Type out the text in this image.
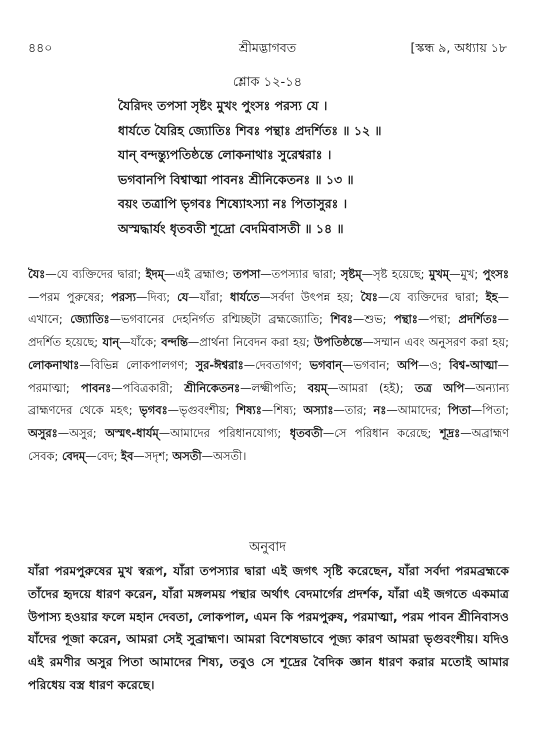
৪৪০	শ্রীমদ্ভাগবত	[স্কন্ধ ৯, অধ্যায় ১৮
শ্লোক ১২-১৪
যৈরিদং তপসা সৃষ্টং মুখং পুংসঃ পরস্য যে ।
ধার্যতে যৈরিহ জ্যোতিঃ শিবঃ পন্থাঃ প্রদর্শিতঃ ॥ ১২ ॥
যান্ বন্দন্ত্যুপতিষ্ঠন্তে লোকনাথাঃ সুরেশ্বরাঃ ।
ভগবানপি বিশ্বাত্মা পাবনঃ শ্রীনিকেতনঃ ॥ ১৩ ॥
বয়ং তত্রাপি ভৃগবঃ শিষ্যোঽস্যা নঃ পিতাসুরঃ ।
অস্মদ্ধার্যং ধৃতবতী শূদ্রো বেদমিবাসতী ॥ ১৪ ॥
যৈঃ—যে ব্যক্তিদের দ্বারা; ইদম্—এই ব্রহ্মাণ্ড; তপসা—তপস্যার দ্বারা; সৃষ্টম্—সৃষ্ট হয়েছে; মুখম্—মুখ; পুংসঃ—পরম পুরুষের; পরস্য—দিব্য; যে—যাঁরা; ধার্যতে—সর্বদা উৎপন্ন হয়; যৈঃ—যে ব্যক্তিদের দ্বারা; ইহ—এখানে; জ্যোতিঃ—ভগবানের দেহনির্গত রশ্মিচ্ছটা ব্রহ্মজ্যোতি; শিবঃ—শুভ; পন্থাঃ—পন্থা; প্রদর্শিতঃ—প্রদর্শিত হয়েছে; যান্—যাঁকে; বন্দন্তি—প্রার্থনা নিবেদন করা হয়; উপতিষ্ঠন্তে—সম্মান এবং অনুসরণ করা হয়; লোকনাথাঃ—বিভিন্ন লোকপালগণ; সুর-ঈশ্বরাঃ—দেবতাগণ; ভগবান্—ভগবান; অপি—ও; বিশ্ব-আত্মা—পরমাত্মা; পাবনঃ—পবিত্রকারী; শ্রীনিকেতনঃ—লক্ষ্মীপতি; বয়ম্—আমরা (হই); তত্র অপি—অন্যান্য ব্রাহ্মণদের থেকে মহৎ; ভৃগবঃ—ভৃগুবংশীয়; শিষ্যঃ—শিষ্য; অস্যাঃ—তার; নঃ—আমাদের; পিতা—পিতা; অসুরঃ—অসুর; অস্মৎ-ধার্যম্—আমাদের পরিধানযোগ্য; ধৃতবতী—সে পরিধান করেছে; শূদ্রঃ—অব্রাহ্মণ সেবক; বেদম্—বেদ; ইব—সদৃশ; অসতী—অসতী।
অনুবাদ
যাঁরা পরমপুরুষের মুখ স্বরূপ, যাঁরা তপস্যার দ্বারা এই জগৎ সৃষ্টি করেছেন, যাঁরা সর্বদা পরমব্রহ্মকে তাঁদের হৃদয়ে ধারণ করেন, যাঁরা মঙ্গলময় পন্থার অর্থাৎ বেদমার্গের প্রদর্শক, যাঁরা এই জগতে একমাত্র উপাস্য হওয়ার ফলে মহান দেবতা, লোকপাল, এমন কি পরমপুরুষ, পরমাত্মা, পরম পাবন শ্রীনিবাসও যাঁদের পূজা করেন, আমরা সেই সুব্রাহ্মণ। আমরা বিশেষভাবে পূজ্য কারণ আমরা ভৃগুবংশীয়। যদিও এই রমণীর অসুর পিতা আমাদের শিষ্য, তবুও সে শূদ্রের বৈদিক জ্ঞান ধারণ করার মতোই আমার পরিধেয় বস্ত্র ধারণ করেছে।
